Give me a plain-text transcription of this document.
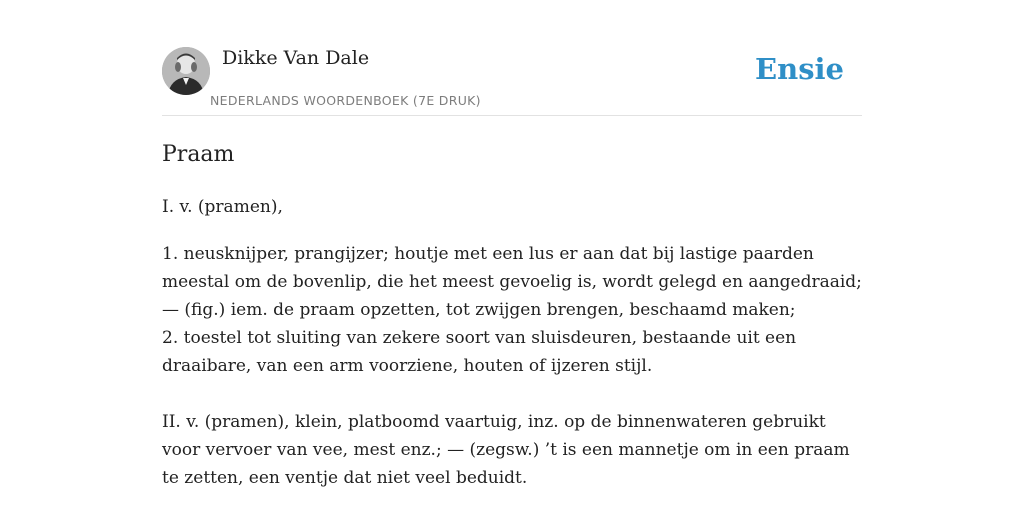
Dikke Van Dale
NEDERLANDS WOORDENBOEK (7E DRUK)
Ensie
Praam

I. v. (pramen),

1. neusknijper, prangijzer; houtje met een lus er aan dat bij lastige paarden
meestal om de bovenlip, die het meest gevoelig is, wordt gelegd en aangedraaid;
— (fig.) iem. de praam opzetten, tot zwijgen brengen, beschaamd maken;
2. toestel tot sluiting van zekere soort van sluisdeuren, bestaande uit een
draaibare, van een arm voorziene, houten of ijzeren stijl.

II. v. (pramen), klein, platboomd vaartuig, inz. op de binnenwateren gebruikt
voor vervoer van vee, mest enz.; — (zegsw.) ’t is een mannetje om in een praam
te zetten, een ventje dat niet veel beduidt.
